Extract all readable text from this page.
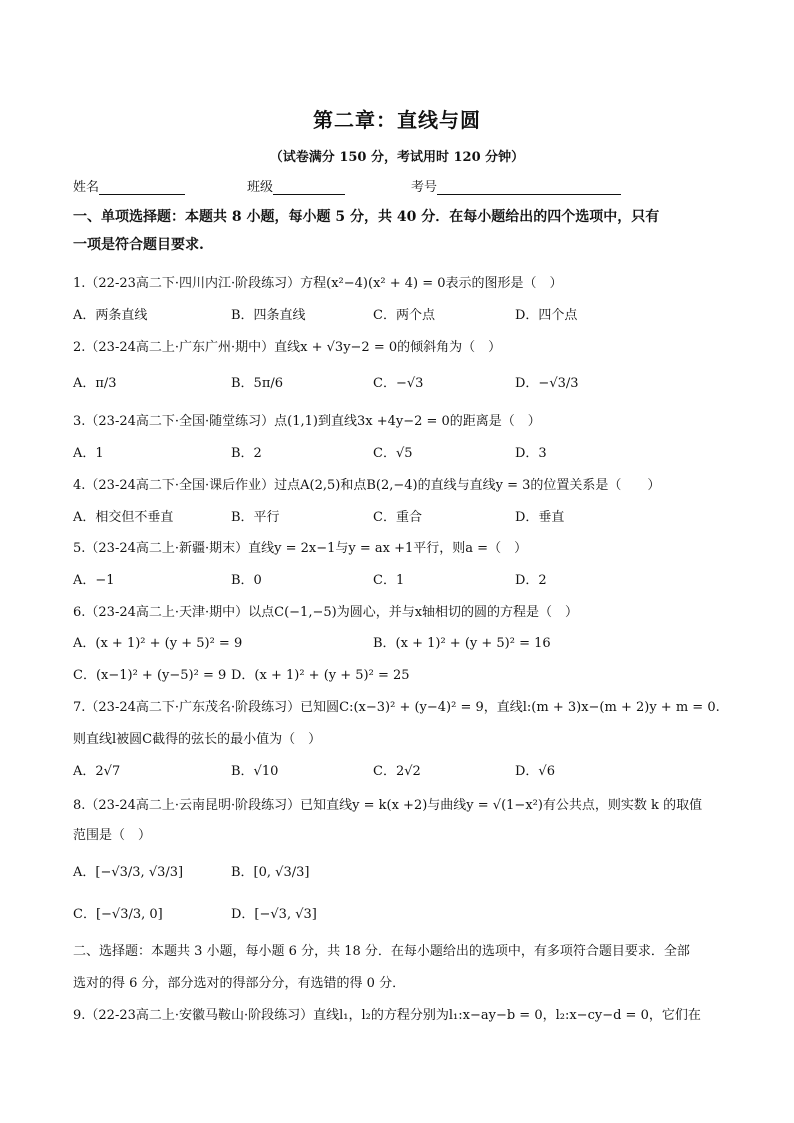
第二章：直线与圆
（试卷满分 150 分，考试用时 120 分钟）
姓名	班级	考号
一、单项选择题：本题共 8 小题，每小题 5 分，共 40 分．在每小题给出的四个选项中，只有
一项是符合题目要求.
1.（22-23高二下·四川内江·阶段练习）方程(x²−4)(x² + 4) = 0表示的图形是（　）
A．两条直线	B．四条直线	C．两个点	D．四个点
2.（23-24高二上·广东广州·期中）直线x + √3y−2 = 0的倾斜角为（　）
A．π/3	B．5π/6	C．−√3	D．−√3/3
3.（23-24高二下·全国·随堂练习）点(1,1)到直线3x +4y−2 = 0的距离是（　）
A．1	B．2	C．√5	D．3
4.（23-24高二下·全国·课后作业）过点A(2,5)和点B(2,−4)的直线与直线y = 3的位置关系是（　　）
A．相交但不垂直	B．平行	C．重合	D．垂直
5.（23-24高二上·新疆·期末）直线y = 2x−1与y = ax +1平行，则a =（　）
A．−1	B．0	C．1	D．2
6.（23-24高二上·天津·期中）以点C(−1,−5)为圆心，并与x轴相切的圆的方程是（　）
A．(x + 1)² + (y + 5)² = 9	B．(x + 1)² + (y + 5)² = 16
C．(x−1)² + (y−5)² = 9 D．(x + 1)² + (y + 5)² = 25
7.（23-24高二下·广东茂名·阶段练习）已知圆C:(x−3)² + (y−4)² = 9，直线l:(m + 3)x−(m + 2)y + m = 0.
则直线l被圆C截得的弦长的最小值为（　）
A．2√7	B．√10	C．2√2	D．√6
8.（23-24高二上·云南昆明·阶段练习）已知直线y = k(x +2)与曲线y = √(1−x²)有公共点，则实数 k 的取值
范围是（　）
A．[−√3/3, √3/3]	B．[0, √3/3]
C．[−√3/3, 0]	D．[−√3, √3]
二、选择题：本题共 3 小题，每小题 6 分，共 18 分．在每小题给出的选项中，有多项符合题目要求．全部
选对的得 6 分，部分选对的得部分分，有选错的得 0 分．
9.（22-23高二上·安徽马鞍山·阶段练习）直线l₁，l₂的方程分别为l₁:x−ay−b = 0，l₂:x−cy−d = 0，它们在
